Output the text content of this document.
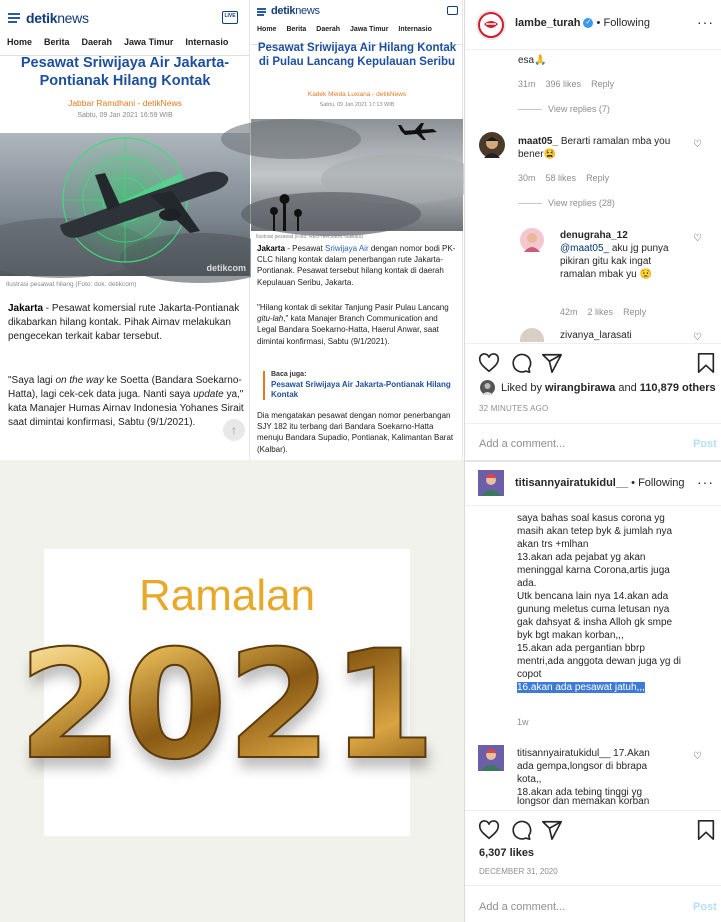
detiknews	LIVE
Home Berita Daerah Jawa Timur Internasio
Pesawat Sriwijaya Air Jakarta-Pontianak Hilang Kontak
Jabbar Ramdhani - detikNews
Sabtu, 09 Jan 2021 16:59 WIB
detikcom
Ilustrasi pesawat hilang (Foto: dok. detikcom)
Jakarta - Pesawat komersial rute Jakarta-Pontianak dikabarkan hilang kontak. Pihak Airnav melakukan pengecekan terkait kabar tersebut.
"Saya lagi on the way ke Soetta (Bandara Soekarno-Hatta), lagi cek-cek data juga. Nanti saya update ya," kata Manajer Humas Airnav Indonesia Yohanes Sirait saat dimintai konfirmasi, Sabtu (9/1/2021).
↑
detiknews
Home Berita Daerah Jawa Timur Internasio
Pesawat Sriwijaya Air Hilang Kontak di Pulau Lancang Kepulauan Seribu
Kadek Melda Luxiana - detikNews
Sabtu, 09 Jan 2021 17:13 WIB
Ilustrasi pesawat (Foto: REUTERS/Eric Gaillard)
Jakarta - Pesawat Sriwijaya Air dengan nomor bodi PK-CLC hilang kontak dalam penerbangan rute Jakarta-Pontianak. Pesawat tersebut hilang kontak di daerah Kepulauan Seribu, Jakarta.
"Hilang kontak di sekitar Tanjung Pasir Pulau Lancang gitu-lah," kata Manajer Branch Communication and Legal Bandara Soekarno-Hatta, Haerul Anwar, saat dimintai konfirmasi, Sabtu (9/1/2021).
Baca juga:
Pesawat Sriwijaya Air Jakarta-Pontianak Hilang Kontak
Dia mengatakan pesawat dengan nomor penerbangan SJY 182 itu terbang dari Bandara Soekarno-Hatta menuju Bandara Supadio, Pontianak, Kalimantan Barat (Kalbar).
Ramalan
2021
lambe_turah ✓ • Following	···
esa🙏
31m 396 likes Reply
View replies (7)
maat05_ Berarti ramalan mba you bener😫
♡
30m 58 likes Reply
View replies (28)
denugraha_12
@maat05_ aku jg punya pikiran gitu kak ingat ramalan mbak yu 😟
♡
42m 2 likes Reply
zivanya_larasati	♡
Liked by wirangbirawa and 110,879 others
32 MINUTES AGO
Add a comment...	Post
titisannyairatukidul__ • Following ···
saya bahas soal kasus corona yg
masih akan tetep byk & jumlah nya
akan trs +mlhan
13.akan ada pejabat yg akan
meninggal karna Corona,artis juga
ada.
Utk bencana lain nya 14.akan ada
gunung meletus cuma letusan nya
gak dahsyat & insha Alloh gk smpe
byk bgt makan korban,,,
15.akan ada pergantian bbrp
mentri,ada anggota dewan juga yg di
copot
16.akan ada pesawat jatuh,,,
1w
titisannyairatukidul__ 17.Akan
ada gempa,longsor di bbrapa
kota,,
18.akan ada tebing tinggi yg
longsor dan memakan korban
♡
6,307 likes
DECEMBER 31, 2020
Add a comment...	Post
